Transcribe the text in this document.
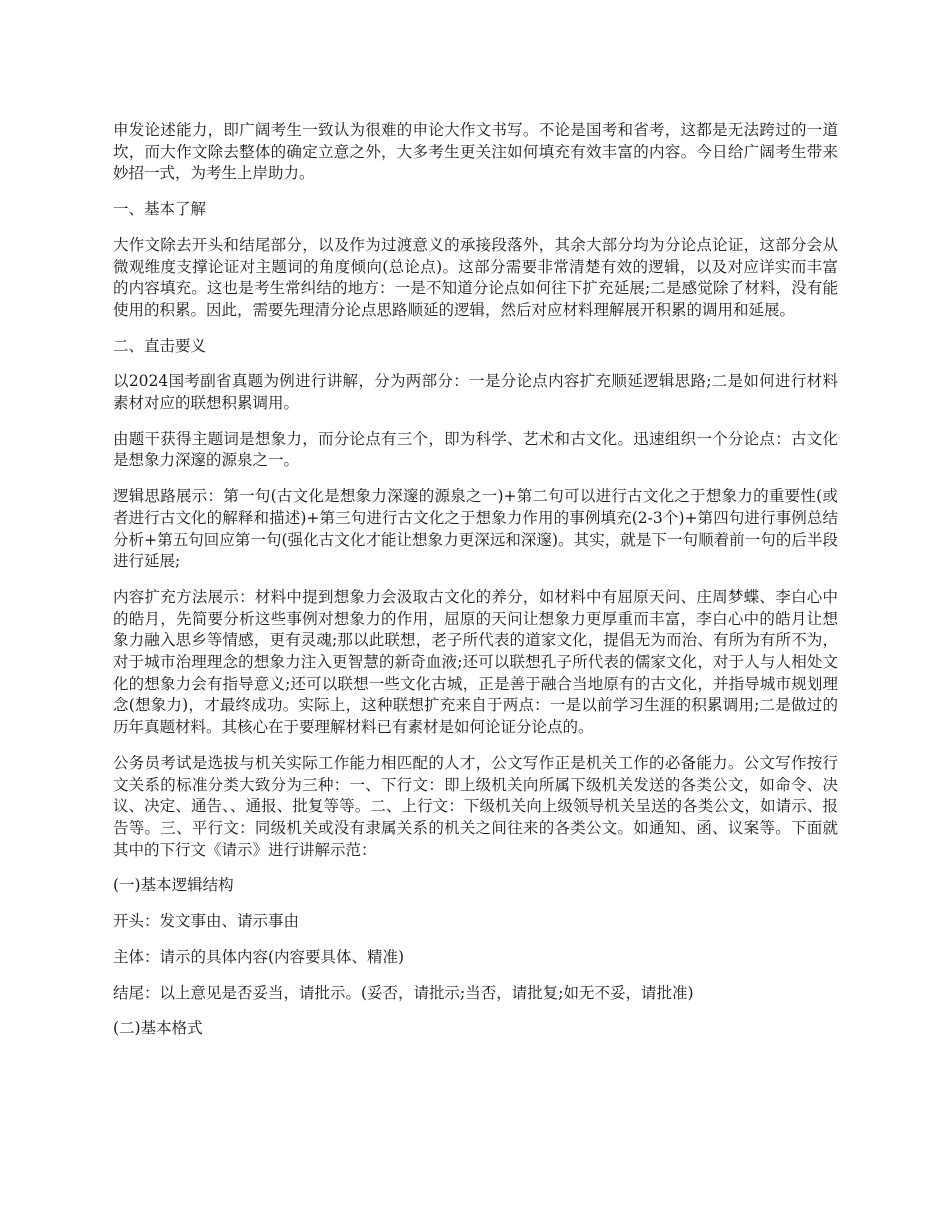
申发论述能力，即广阔考生一致认为很难的申论大作文书写。不论是国考和省考，这都是无法跨过的一道坎，而大作文除去整体的确定立意之外，大多考生更关注如何填充有效丰富的内容。今日给广阔考生带来妙招一式，为考生上岸助力。

一、基本了解

大作文除去开头和结尾部分，以及作为过渡意义的承接段落外，其余大部分均为分论点论证，这部分会从微观维度支撑论证对主题词的角度倾向(总论点)。这部分需要非常清楚有效的逻辑，以及对应详实而丰富的内容填充。这也是考生常纠结的地方：一是不知道分论点如何往下扩充延展;二是感觉除了材料，没有能使用的积累。因此，需要先理清分论点思路顺延的逻辑，然后对应材料理解展开积累的调用和延展。

二、直击要义

以2024国考副省真题为例进行讲解，分为两部分：一是分论点内容扩充顺延逻辑思路;二是如何进行材料素材对应的联想积累调用。

由题干获得主题词是想象力，而分论点有三个，即为科学、艺术和古文化。迅速组织一个分论点：古文化是想象力深邃的源泉之一。

逻辑思路展示：第一句(古文化是想象力深邃的源泉之一)+第二句可以进行古文化之于想象力的重要性(或者进行古文化的解释和描述)+第三句进行古文化之于想象力作用的事例填充(2-3个)+第四句进行事例总结分析+第五句回应第一句(强化古文化才能让想象力更深远和深邃)。其实，就是下一句顺着前一句的后半段进行延展;

内容扩充方法展示：材料中提到想象力会汲取古文化的养分，如材料中有屈原天问、庄周梦蝶、李白心中的皓月，先简要分析这些事例对想象力的作用，屈原的天问让想象力更厚重而丰富，李白心中的皓月让想象力融入思乡等情感，更有灵魂;那以此联想，老子所代表的道家文化，提倡无为而治、有所为有所不为，对于城市治理理念的想象力注入更智慧的新奇血液;还可以联想孔子所代表的儒家文化，对于人与人相处文化的想象力会有指导意义;还可以联想一些文化古城，正是善于融合当地原有的古文化，并指导城市规划理念(想象力)，才最终成功。实际上，这种联想扩充来自于两点：一是以前学习生涯的积累调用;二是做过的历年真题材料。其核心在于要理解材料已有素材是如何论证分论点的。

公务员考试是选拔与机关实际工作能力相匹配的人才，公文写作正是机关工作的必备能力。公文写作按行文关系的标准分类大致分为三种：一、下行文：即上级机关向所属下级机关发送的各类公文，如命令、决议、决定、通告、、通报、批复等等。二、上行文：下级机关向上级领导机关呈送的各类公文，如请示、报告等。三、平行文：同级机关或没有隶属关系的机关之间往来的各类公文。如通知、函、议案等。下面就其中的下行文《请示》进行讲解示范：

(一)基本逻辑结构

开头：发文事由、请示事由

主体：请示的具体内容(内容要具体、精准)

结尾：以上意见是否妥当，请批示。(妥否，请批示;当否，请批复;如无不妥，请批准)

(二)基本格式
